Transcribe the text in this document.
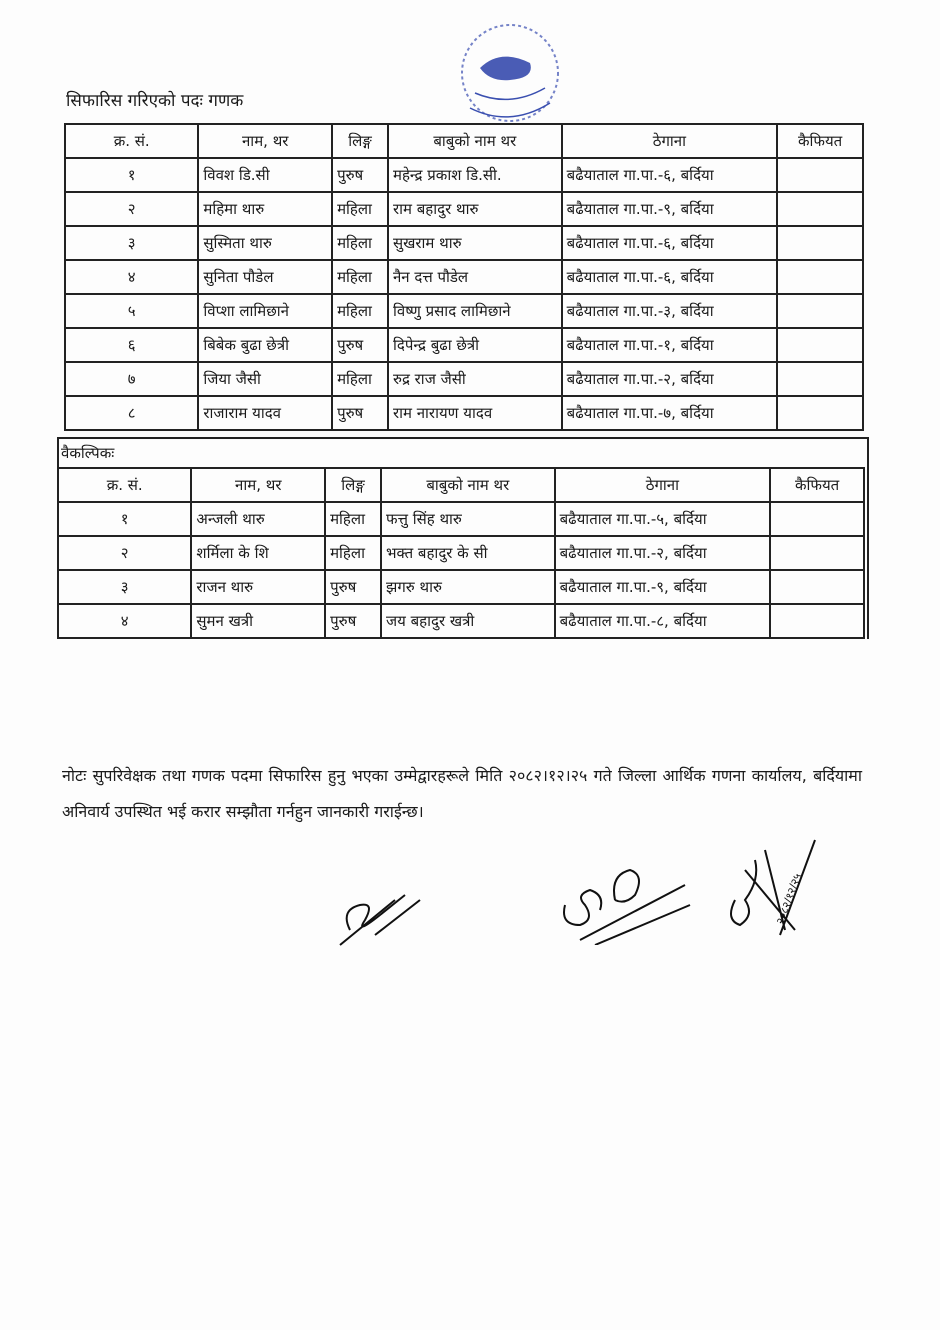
सिफारिस गरिएको पदः गणक
क्र. सं.	नाम, थर	लिङ्ग	बाबुको नाम थर	ठेगाना	कैफियत
१	विवश डि.सी	पुरुष	महेन्द्र प्रकाश डि.सी.	बढैयाताल गा.पा.-६, बर्दिया	
२	महिमा थारु	महिला	राम बहादुर थारु	बढैयाताल गा.पा.-९, बर्दिया	
३	सुस्मिता थारु	महिला	सुखराम थारु	बढैयाताल गा.पा.-६, बर्दिया	
४	सुनिता पौडेल	महिला	नैन दत्त पौडेल	बढैयाताल गा.पा.-६, बर्दिया	
५	विप्शा लामिछाने	महिला	विष्णु प्रसाद लामिछाने	बढैयाताल गा.पा.-३, बर्दिया	
६	बिबेक बुढा छेत्री	पुरुष	दिपेन्द्र बुढा छेत्री	बढैयाताल गा.पा.-१, बर्दिया	
७	जिया जैसी	महिला	रुद्र राज जैसी	बढैयाताल गा.पा.-२, बर्दिया	
८	राजाराम यादव	पुरुष	राम नारायण यादव	बढैयाताल गा.पा.-७, बर्दिया	
वैकल्पिकः
क्र. सं.	नाम, थर	लिङ्ग	बाबुको नाम थर	ठेगाना	कैफियत
१	अन्जली थारु	महिला	फत्तु सिंह थारु	बढैयाताल गा.पा.-५, बर्दिया	
२	शर्मिला के शि	महिला	भक्त बहादुर के सी	बढैयाताल गा.पा.-२, बर्दिया	
३	राजन थारु	पुरुष	झगरु थारु	बढैयाताल गा.पा.-९, बर्दिया	
४	सुमन खत्री	पुरुष	जय बहादुर खत्री	बढैयाताल गा.पा.-८, बर्दिया	
नोटः सुपरिवेक्षक तथा गणक पदमा सिफारिस हुनु भएका उम्मेद्वारहरूले मिति २०८२।१२।२५ गते जिल्ला आर्थिक गणना कार्यालय, बर्दियामा अनिवार्य उपस्थित भई करार सम्झौता गर्नहुन जानकारी गराईन्छ।
२०८२/१२/२५
